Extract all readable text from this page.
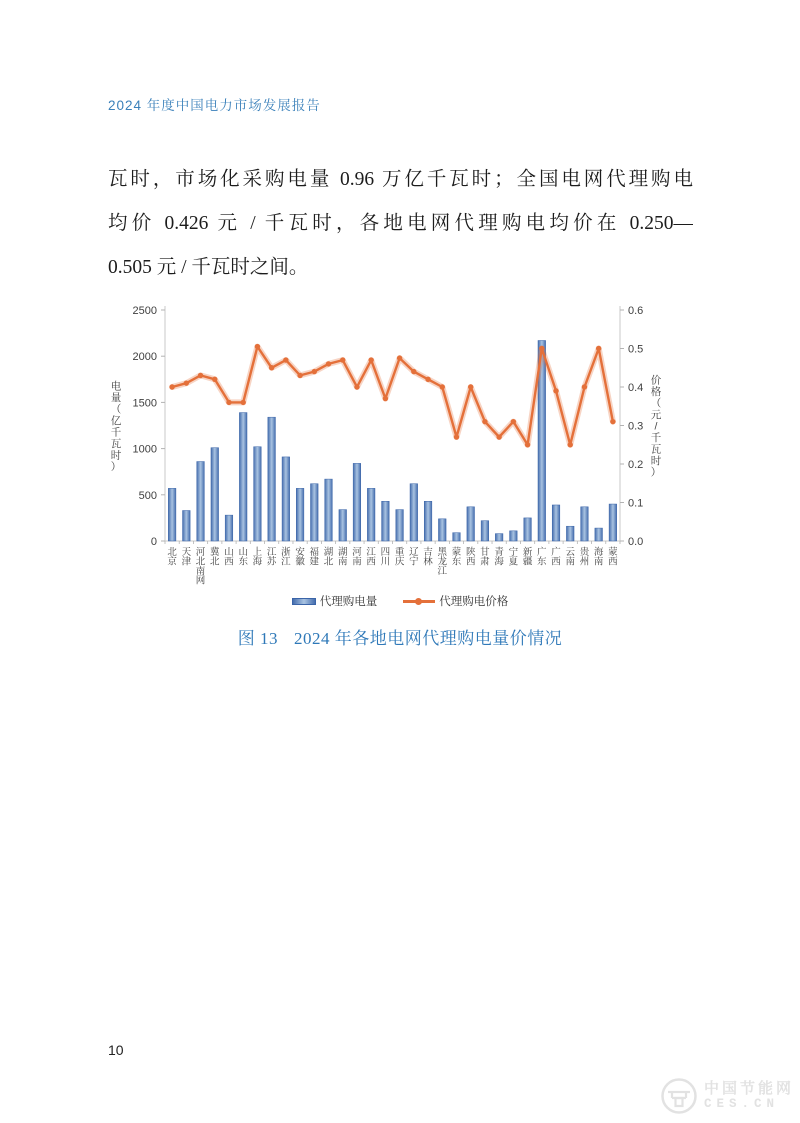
2024 年度中国电力市场发展报告
瓦时，市场化采购电量 0.96 万亿千瓦时；全国电网代理购电
均价 0.426 元 / 千瓦时，各地电网代理购电均价在 0.250—
0.505 元 / 千瓦时之间。
0
500
1000
1500
2000
2500
0.0
0.1
0.2
0.3
0.4
0.5
0.6
北京
天津
河北南网
冀北
山西
山东
上海
江苏
浙江
安徽
福建
湖北
湖南
河南
江西
四川
重庆
辽宁
吉林
黑龙江
蒙东
陕西
甘肃
青海
宁夏
新疆
广东
广西
云南
贵州
海南
蒙西
电量（亿千瓦时）
价格（元/千瓦时）
代理购电量	代理购电价格
图 13 2024 年各地电网代理购电量价情况
10
中国节能网
CES.CN
